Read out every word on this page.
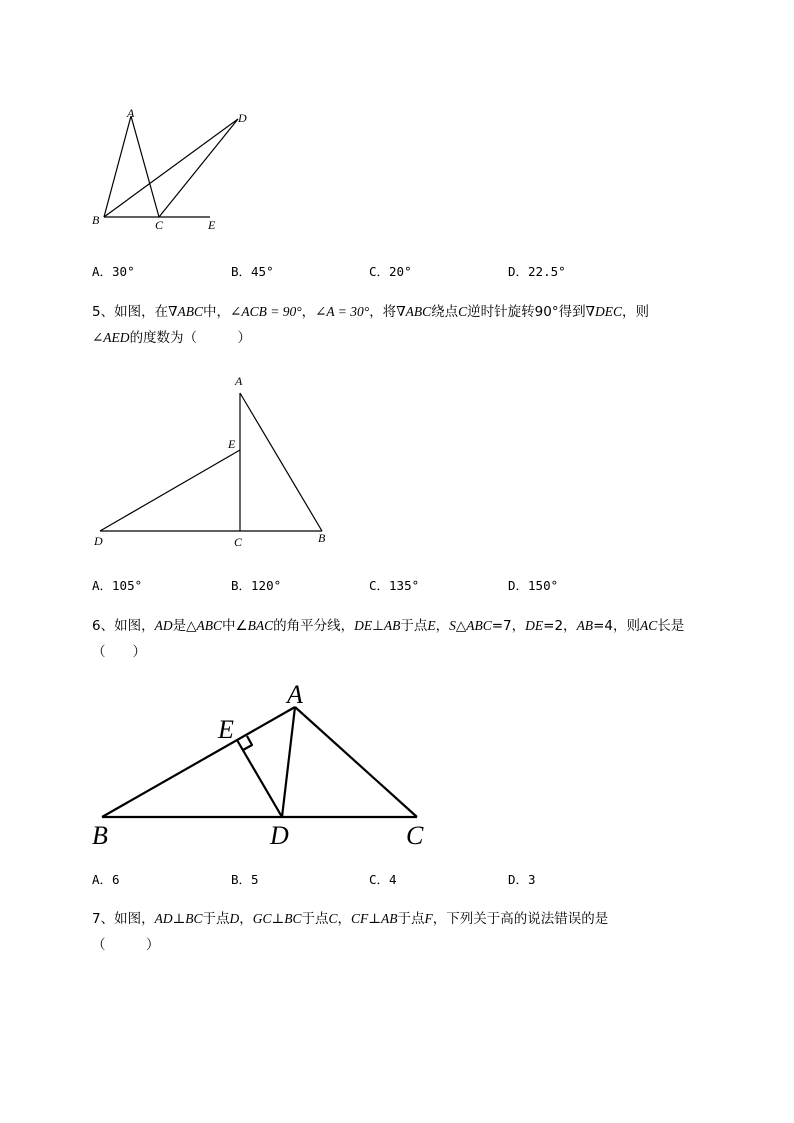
A	D
B	C	E
A．30°	B．45°	C．20°	D．22.5°

5、如图，在∇ABC中，∠ACB = 90°，∠A = 30°，将∇ABC绕点C逆时针旋转90°得到∇DEC，则

∠AED的度数为（　　　）

A
E
D	C	B
A．105°	B．120°	C．135°	D．150°

6、如图，AD是△ABC中∠BAC的角平分线，DE⊥AB于点E，S△ABC=7，DE=2，AB=4，则AC长是

（　　）

A
E
B	D	C
A．6	B．5	C．4	D．3

7、如图，AD⊥BC于点D，GC⊥BC于点C，CF⊥AB于点F，下列关于高的说法错误的是

（　　　）
